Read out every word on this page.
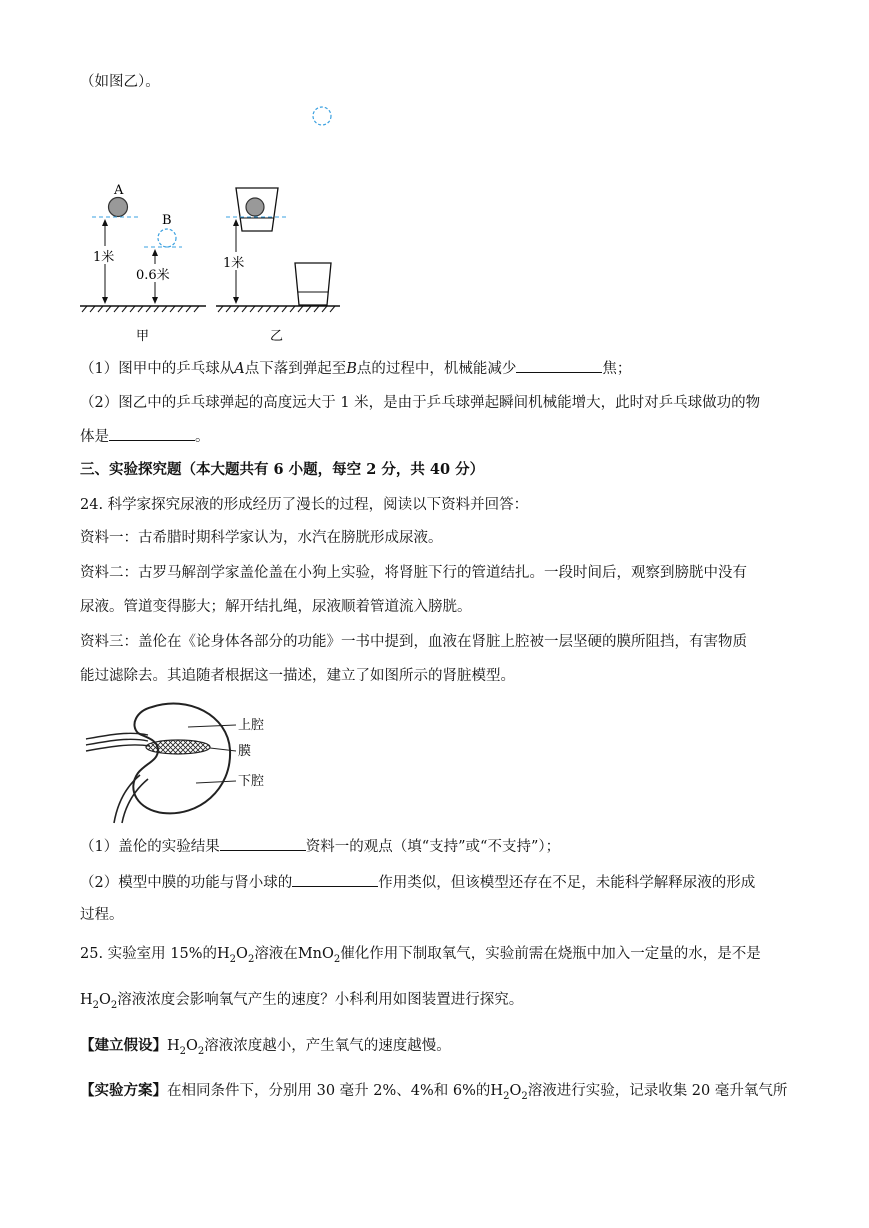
（如图乙）。
A
1米
B
0.6米
甲
1米
乙
（1）图甲中的乒乓球从A点下落到弹起至B点的过程中，机械能减少	焦；
（2）图乙中的乒乓球弹起的高度远大于 1 米，是由于乒乓球弹起瞬间机械能增大，此时对乒乓球做功的物
体是	。
三、实验探究题（本大题共有 6 小题，每空 2 分，共 40 分）
24. 科学家探究尿液的形成经历了漫长的过程，阅读以下资料并回答：
资料一：古希腊时期科学家认为，水汽在膀胱形成尿液。
资料二：古罗马解剖学家盖伦盖在小狗上实验，将肾脏下行的管道结扎。一段时间后，观察到膀胱中没有
尿液。管道变得膨大；解开结扎绳，尿液顺着管道流入膀胱。
资料三：盖伦在《论身体各部分的功能》一书中提到，血液在肾脏上腔被一层坚硬的膜所阻挡，有害物质
能过滤除去。其追随者根据这一描述，建立了如图所示的肾脏模型。
上腔
膜
下腔
（1）盖伦的实验结果	资料一的观点（填“支持”或“不支持”）；
（2）模型中膜的功能与肾小球的	作用类似，但该模型还存在不足，未能科学解释尿液的形成
过程。
25. 实验室用 15%的$H_2O_2$溶液在MnO$_2$催化作用下制取氧气，实验前需在烧瓶中加入一定量的水，是不是
$H_2O_2$溶液浓度会影响氧气产生的速度？小科利用如图装置进行探究。
【建立假设】$H_2O_2$溶液浓度越小，产生氧气的速度越慢。
【实验方案】在相同条件下，分别用 30 毫升 2%、4%和 6%的$H_2O_2$溶液进行实验，记录收集 20 毫升氧气所
